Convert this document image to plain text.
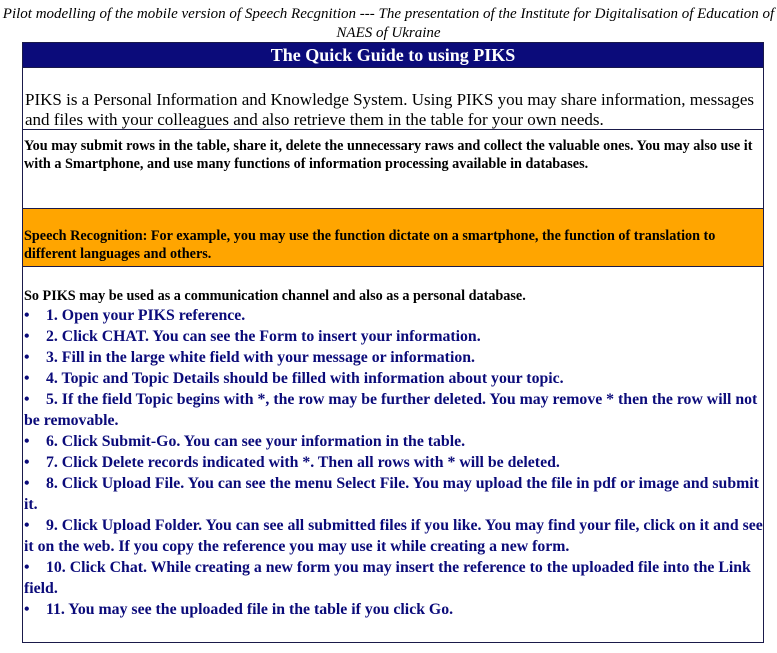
Pilot modelling of the mobile version of Speech Recgnition --- The presentation of the Institute for Digitalisation of Education of NAES of Ukraine
The Quick Guide to using PIKS
PIKS is a Personal Information and Knowledge System. Using PIKS you may share information, messages and files with your colleagues and also retrieve them in the table for your own needs.
You may submit rows in the table, share it, delete the unnecessary raws and collect the valuable ones. You may also use it with a Smartphone, and use many functions of information processing available in databases.
Speech Recognition: For example, you may use the function dictate on a smartphone, the function of translation to different languages and others.
So PIKS may be used as a communication channel and also as a personal database.
• 1. Open your PIKS reference.
• 2. Click CHAT. You can see the Form to insert your information.
• 3. Fill in the large white field with your message or information.
• 4. Topic and Topic Details should be filled with information about your topic.
• 5. If the field Topic begins with *, the row may be further deleted. You may remove * then the row will not be removable.
• 6. Click Submit-Go. You can see your information in the table.
• 7. Click Delete records indicated with *. Then all rows with * will be deleted.
• 8. Click Upload File. You can see the menu Select File. You may upload the file in pdf or image and submit it.
• 9. Click Upload Folder. You can see all submitted files if you like. You may find your file, click on it and see it on the web. If you copy the reference you may use it while creating a new form.
• 10. Click Chat. While creating a new form you may insert the reference to the uploaded file into the Link field.
• 11. You may see the uploaded file in the table if you click Go.
